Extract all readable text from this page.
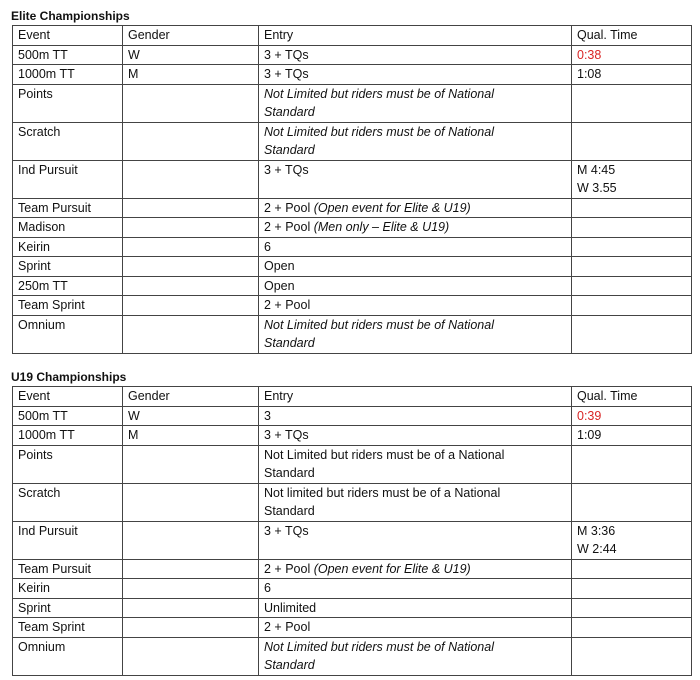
Elite Championships
Event	Gender	Entry	Qual. Time
500m TT	W	3 + TQs	0:38

1000m TT	M	3 + TQs	1:08

Points		Not Limited but riders must be of National
Standard	

Scratch		Not Limited but riders must be of National
Standard	

Ind Pursuit		3 + TQs	M 4:45
W 3.55

Team Pursuit		2 + Pool (Open event for Elite & U19)	
Madison		2 + Pool (Men only – Elite & U19)	
Keirin		6	
Sprint		Open	
250m TT		Open	
Team Sprint		2 + Pool	
Omnium		Not Limited but riders must be of National
Standard	

U19 Championships
Event	Gender	Entry	Qual. Time
500m TT	W	3	0:39

1000m TT	M	3 + TQs	1:09

Points		Not Limited but riders must be of a National
Standard	

Scratch		Not limited but riders must be of a National
Standard	

Ind Pursuit		3 + TQs	M 3:36
W 2:44

Team Pursuit		2 + Pool (Open event for Elite & U19)	
Keirin		6	
Sprint		Unlimited	
Team Sprint		2 + Pool	
Omnium		Not Limited but riders must be of National
Standard	
